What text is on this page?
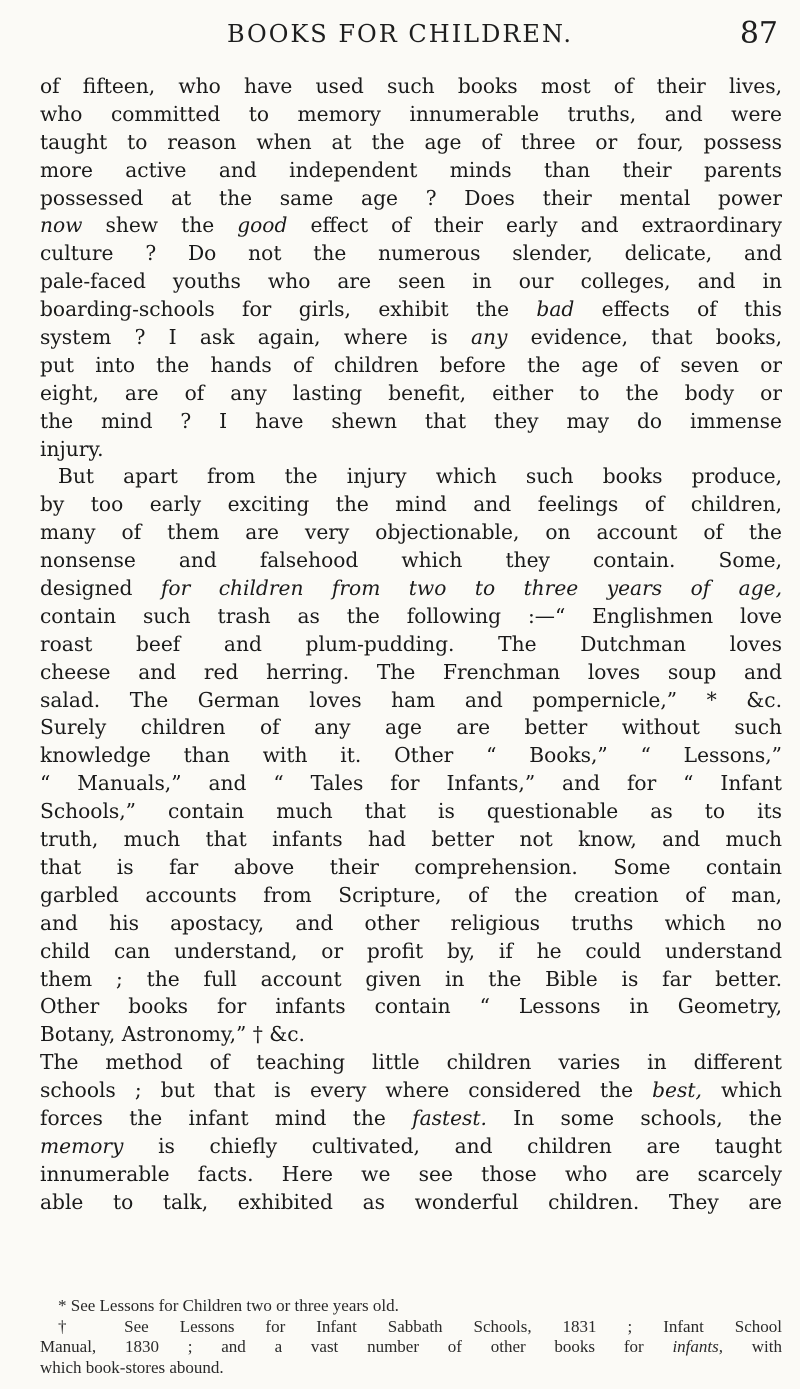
BOOKS FOR CHILDREN.	87
of fifteen, who have used such books most of their lives,
who committed to memory innumerable truths, and were
taught to reason when at the age of three or four, possess
more active and independent minds than their parents
possessed at the same age ? Does their mental power
now shew the good effect of their early and extraordinary
culture ? Do not the numerous slender, delicate, and
pale-faced youths who are seen in our colleges, and in
boarding-schools for girls, exhibit the bad effects of this
system ? I ask again, where is any evidence, that books,
put into the hands of children before the age of seven or
eight, are of any lasting benefit, either to the body or
the mind ? I have shewn that they may do immense
injury.
But apart from the injury which such books produce,
by too early exciting the mind and feelings of children,
many of them are very objectionable, on account of the
nonsense and falsehood which they contain. Some,
designed for children from two to three years of age,
contain such trash as the following :—“ Englishmen love
roast beef and plum-pudding. The Dutchman loves
cheese and red herring. The Frenchman loves soup and
salad. The German loves ham and pompernicle,” * &c.
Surely children of any age are better without such
knowledge than with it. Other “ Books,” “ Lessons,”
“ Manuals,” and “ Tales for Infants,” and for “ Infant
Schools,” contain much that is questionable as to its
truth, much that infants had better not know, and much
that is far above their comprehension. Some contain
garbled accounts from Scripture, of the creation of man,
and his apostacy, and other religious truths which no
child can understand, or profit by, if he could understand
them ; the full account given in the Bible is far better.
Other books for infants contain “ Lessons in Geometry,
Botany, Astronomy,” † &c.
The method of teaching little children varies in different
schools ; but that is every where considered the best, which
forces the infant mind the fastest. In some schools, the
memory is chiefly cultivated, and children are taught
innumerable facts. Here we see those who are scarcely
able to talk, exhibited as wonderful children. They are
* See Lessons for Children two or three years old.
† See Lessons for Infant Sabbath Schools, 1831 ; Infant School
Manual, 1830 ; and a vast number of other books for infants, with
which book-stores abound.
